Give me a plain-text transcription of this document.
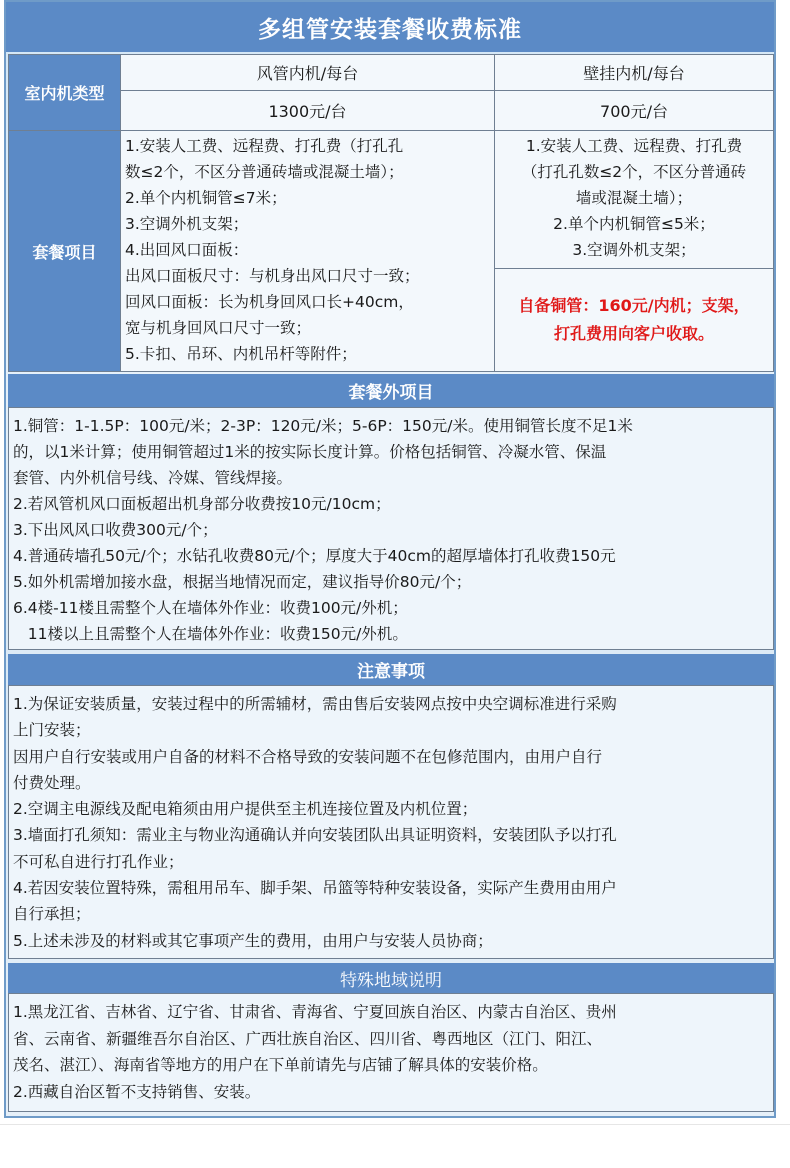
多组管安装套餐收费标准
室内机类型
套餐项目
风管内机/每台	壁挂内机/每台
1300元/台	700元/台
1.安装人工费、远程费、打孔费（打孔孔
数≤2个，不区分普通砖墙或混凝土墙）；
2.单个内机铜管≤7米；
3.空调外机支架；
4.出回风口面板：
出风口面板尺寸：与机身出风口尺寸一致；
回风口面板：长为机身回风口长+40cm，
宽与机身回风口尺寸一致；
5.卡扣、吊环、内机吊杆等附件；
1.安装人工费、远程费、打孔费
（打孔孔数≤2个，不区分普通砖
墙或混凝土墙）；
2.单个内机铜管≤5米；
3.空调外机支架；
自备铜管：160元/内机；支架，
打孔费用向客户收取。
套餐外项目
1.铜管：1-1.5P：100元/米；2-3P：120元/米；5-6P：150元/米。使用铜管长度不足1米
的，以1米计算；使用铜管超过1米的按实际长度计算。价格包括铜管、冷凝水管、保温
套管、内外机信号线、冷媒、管线焊接。
2.若风管机风口面板超出机身部分收费按10元/10cm；
3.下出风风口收费300元/个；
4.普通砖墙孔50元/个；水钻孔收费80元/个；厚度大于40cm的超厚墙体打孔收费150元
5.如外机需增加接水盘，根据当地情况而定，建议指导价80元/个；
6.4楼-11楼且需整个人在墙体外作业：收费100元/外机；
11楼以上且需整个人在墙体外作业：收费150元/外机。
注意事项
1.为保证安装质量，安装过程中的所需辅材，需由售后安装网点按中央空调标准进行采购
上门安装；
因用户自行安装或用户自备的材料不合格导致的安装问题不在包修范围内，由用户自行
付费处理。
2.空调主电源线及配电箱须由用户提供至主机连接位置及内机位置；
3.墙面打孔须知：需业主与物业沟通确认并向安装团队出具证明资料，安装团队予以打孔
不可私自进行打孔作业；
4.若因安装位置特殊，需租用吊车、脚手架、吊篮等特种安装设备，实际产生费用由用户
自行承担；
5.上述未涉及的材料或其它事项产生的费用，由用户与安装人员协商；
特殊地域说明
1.黑龙江省、吉林省、辽宁省、甘肃省、青海省、宁夏回族自治区、内蒙古自治区、贵州
省、云南省、新疆维吾尔自治区、广西壮族自治区、四川省、粤西地区（江门、阳江、
茂名、湛江）、海南省等地方的用户在下单前请先与店铺了解具体的安装价格。
2.西藏自治区暂不支持销售、安装。
